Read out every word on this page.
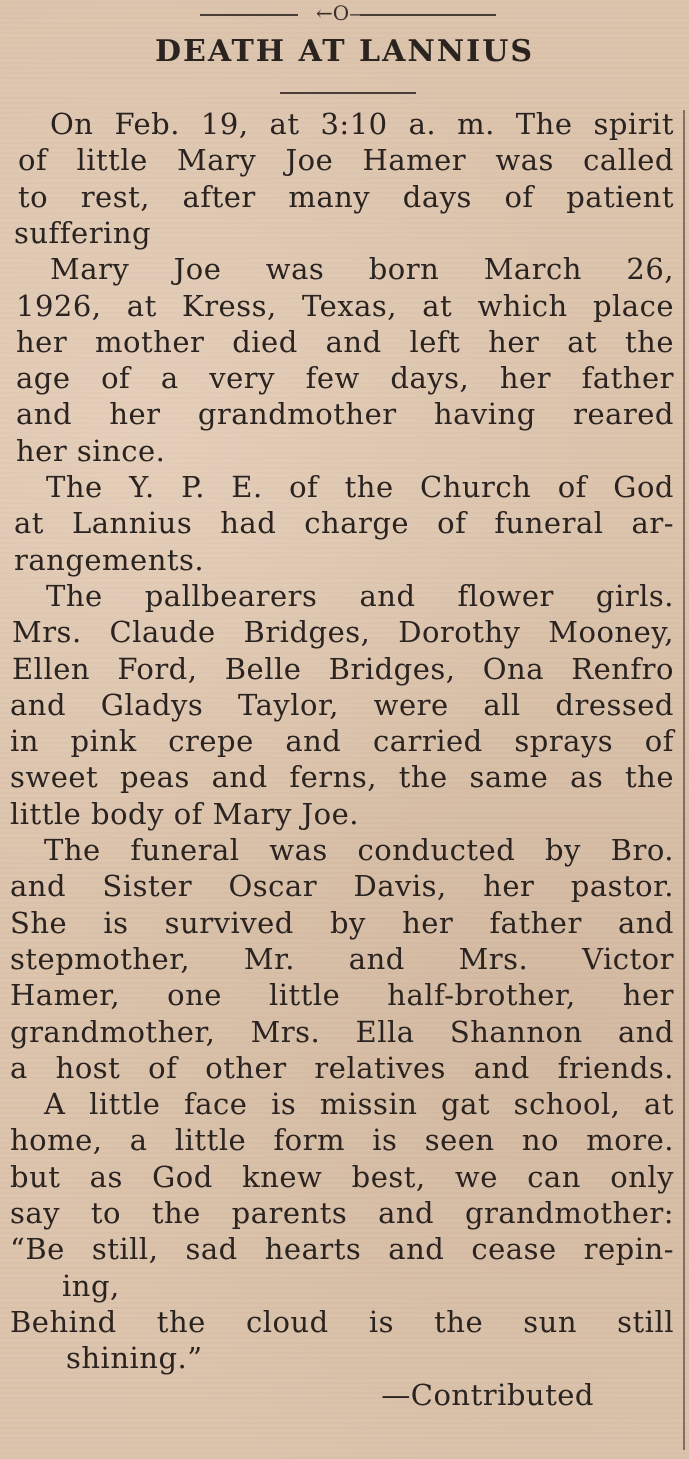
←O—
DEATH AT LANNIUS
On Feb. 19, at 3:10 a. m. The spirit
of little Mary Joe Hamer was called
to rest, after many days of patient
suffering
Mary Joe was born March 26,
1926, at Kress, Texas, at which place
her mother died and left her at the
age of a very few days, her father
and her grandmother having reared
her since.
The Y. P. E. of the Church of God
at Lannius had charge of funeral ar-
rangements.
The pallbearers and flower girls.
Mrs. Claude Bridges, Dorothy Mooney,
Ellen Ford, Belle Bridges, Ona Renfro
and Gladys Taylor, were all dressed
in pink crepe and carried sprays of
sweet peas and ferns, the same as the
little body of Mary Joe.
The funeral was conducted by Bro.
and Sister Oscar Davis, her pastor.
She is survived by her father and
stepmother, Mr. and Mrs. Victor
Hamer, one little half-brother, her
grandmother, Mrs. Ella Shannon and
a host of other relatives and friends.
A little face is missin gat school, at
home, a little form is seen no more.
but as God knew best, we can only
say to the parents and grandmother:
“Be still, sad hearts and cease repin-
ing,
Behind the cloud is the sun still
shining.”
—Contributed
